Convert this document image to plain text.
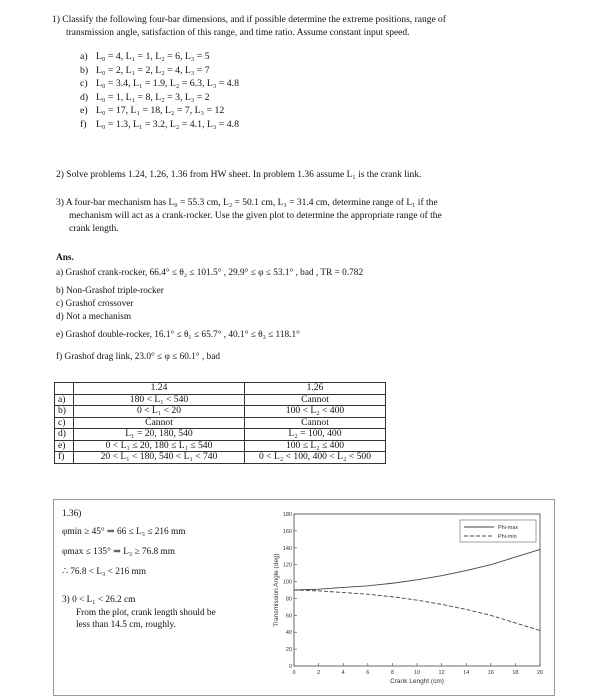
1) Classify the following four-bar dimensions, and if possible determine the extreme positions, range of
transmission angle, satisfaction of this range, and time ratio. Assume constant input speed.
a) L₀ = 4, L₁ = 1, L₂ = 6, L₃ = 5
b) L₀ = 2, L₁ = 2, L₂ = 4, L₃ = 7
c) L₀ = 3.4, L₁ = 1.9, L₂ = 6.3, L₃ = 4.8
d) L₀ = 1, L₁ = 8, L₂ = 3, L₃ = 2
e) L₀ = 17, L₁ = 18, L₂ = 7, L₃ = 12
f) L₀ = 1.3, L₁ = 3.2, L₂ = 4.1, L₃ = 4.8
2) Solve problems 1.24, 1.26, 1.36 from HW sheet. In problem 1.36 assume L₁ is the crank link.
3) A four-bar mechanism has L₀ = 55.3 cm, L₂ = 50.1 cm, L₃ = 31.4 cm, determine range of L₁ if the
mechanism will act as a crank-rocker. Use the given plot to determine the appropriate range of the
crank length.
Ans.
a) Grashof crank-rocker, 66.4° ≤ θ₂ ≤ 101.5° , 29.9° ≤ φ ≤ 53.1° , bad , TR = 0.782
b) Non-Grashof triple-rocker
c) Grashof crossover
d) Not a mechanism
e) Grashof double-rocker, 16.1° ≤ θ₁ ≤ 65.7° , 40.1° ≤ θ₃ ≤ 118.1°
f) Grashof drag link, 23.0° ≤ φ ≤ 60.1° , bad
	1.24	1.26
a)	180 < L₁ < 540	Cannot
b)	0 < L₁ < 20	100 < L₂ < 400
c)	Cannot	Cannot
d)	L₁ = 20, 180, 540	L₂ = 100, 400
e)	0 < L₁ ≤ 20, 180 ≤ L₁ ≤ 540	100 ≤ L₂ ≤ 400
f)	20 < L₁ < 180, 540 < L₁ < 740	0 < L₂ < 100, 400 < L₂ < 500
1.36)
φmin ≥ 45° ⇒ 66 ≤ L₃ ≤ 216 mm
φmax ≤ 135° ⇒ L₃ ≥ 76.8 mm
∴ 76.8 < L₃ < 216 mm
3) 0 < L₁ < 26.2 cm
From the plot, crank length should be
less than 14.5 cm, roughly.
0
20
40
60
80
100
120
140
160
180
0	2	4	6	8	10	12	14	16	18	20
Crank Lenght (cm)
Transmission Angle (deg)
Phi-max
Phi-min
